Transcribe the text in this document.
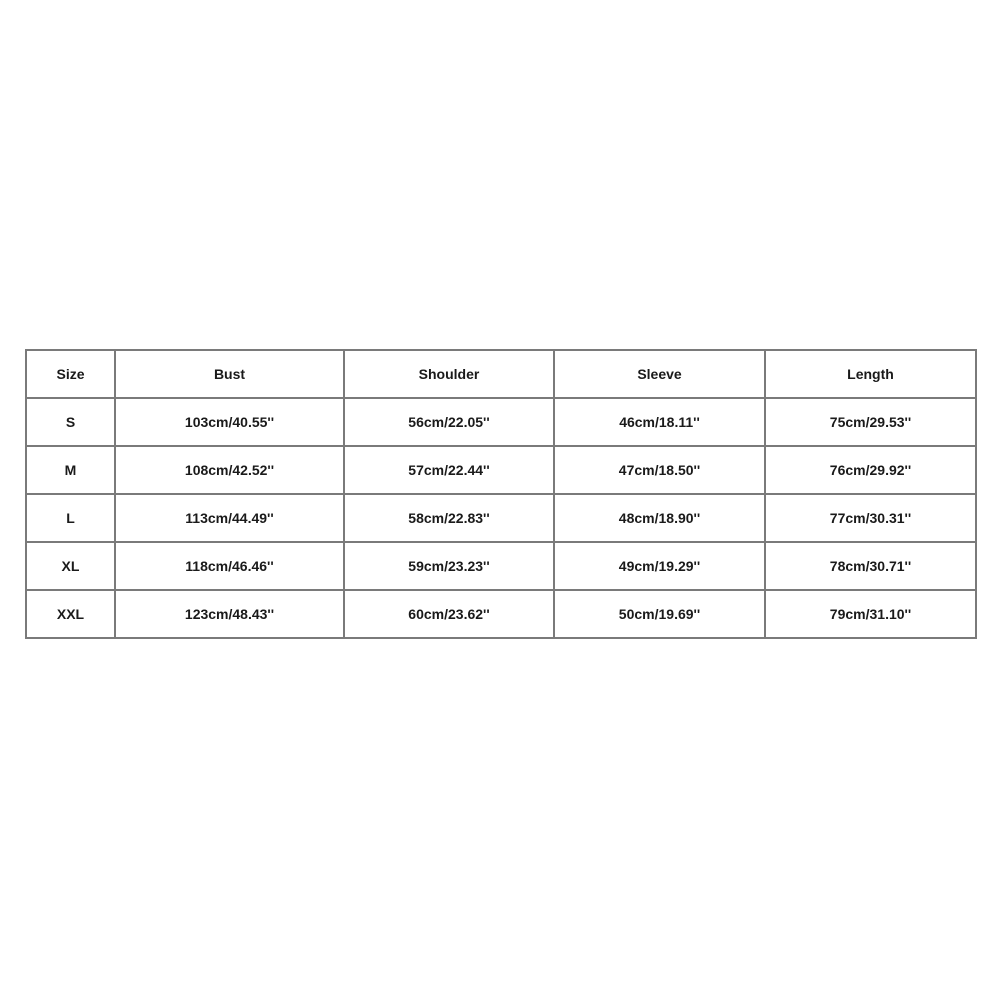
Size	Bust	Shoulder	Sleeve	Length
S	103cm/40.55''	56cm/22.05''	46cm/18.11''	75cm/29.53''
M	108cm/42.52''	57cm/22.44''	47cm/18.50''	76cm/29.92''
L	113cm/44.49''	58cm/22.83''	48cm/18.90''	77cm/30.31''
XL	118cm/46.46''	59cm/23.23''	49cm/19.29''	78cm/30.71''
XXL	123cm/48.43''	60cm/23.62''	50cm/19.69''	79cm/31.10''
